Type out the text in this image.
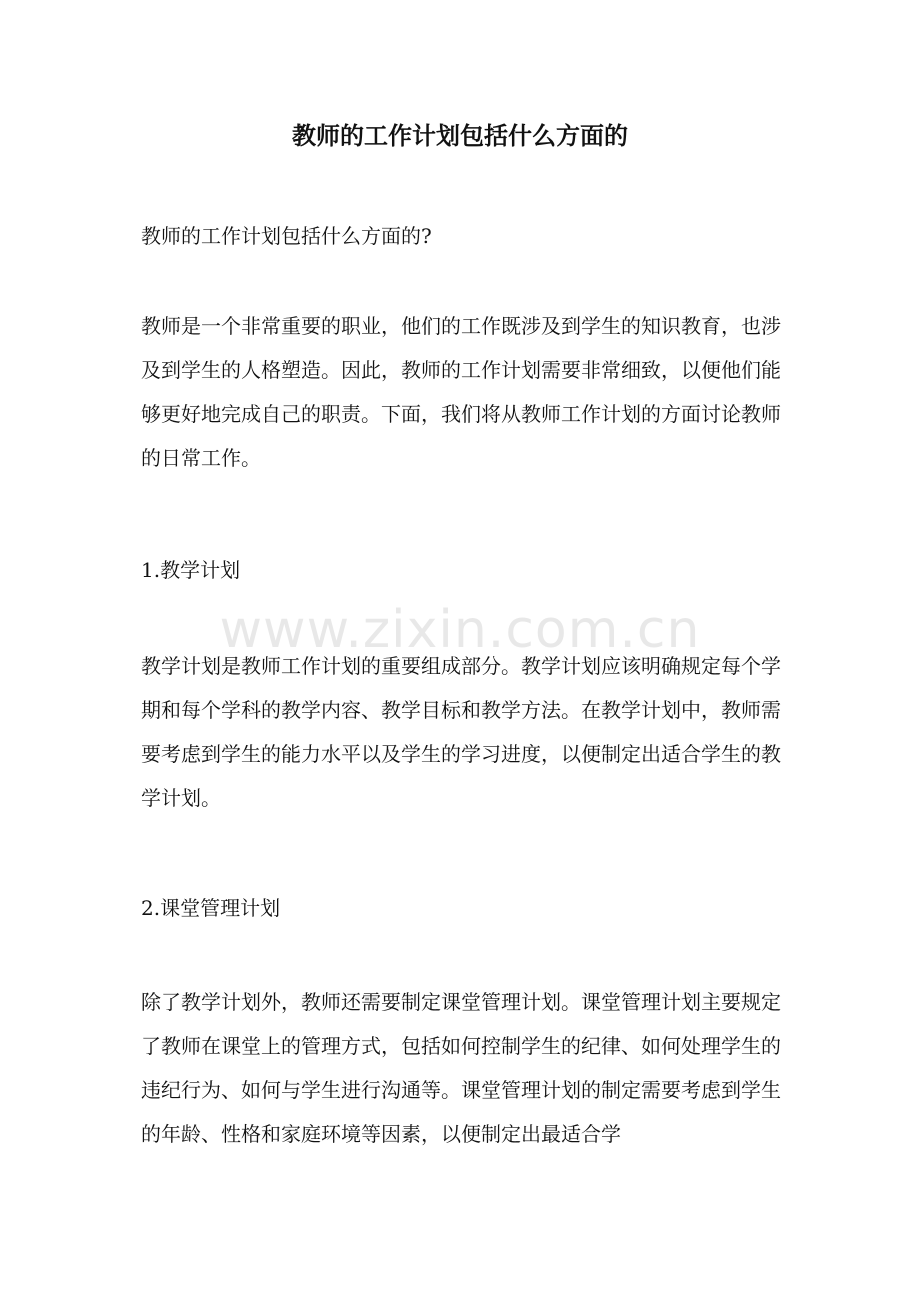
教师的工作计划包括什么方面的

教师的工作计划包括什么方面的?

教师是一个非常重要的职业，他们的工作既涉及到学生的知识教育，也涉及到学生的人格塑造。因此，教师的工作计划需要非常细致，以便他们能够更好地完成自己的职责。下面，我们将从教师工作计划的方面讨论教师的日常工作。

1.教学计划

教学计划是教师工作计划的重要组成部分。教学计划应该明确规定每个学期和每个学科的教学内容、教学目标和教学方法。在教学计划中，教师需要考虑到学生的能力水平以及学生的学习进度，以便制定出适合学生的教学计划。

2.课堂管理计划

除了教学计划外，教师还需要制定课堂管理计划。课堂管理计划主要规定了教师在课堂上的管理方式，包括如何控制学生的纪律、如何处理学生的违纪行为、如何与学生进行沟通等。课堂管理计划的制定需要考虑到学生的年龄、性格和家庭环境等因素，以便制定出最适合学

www.zixin.com.cn
